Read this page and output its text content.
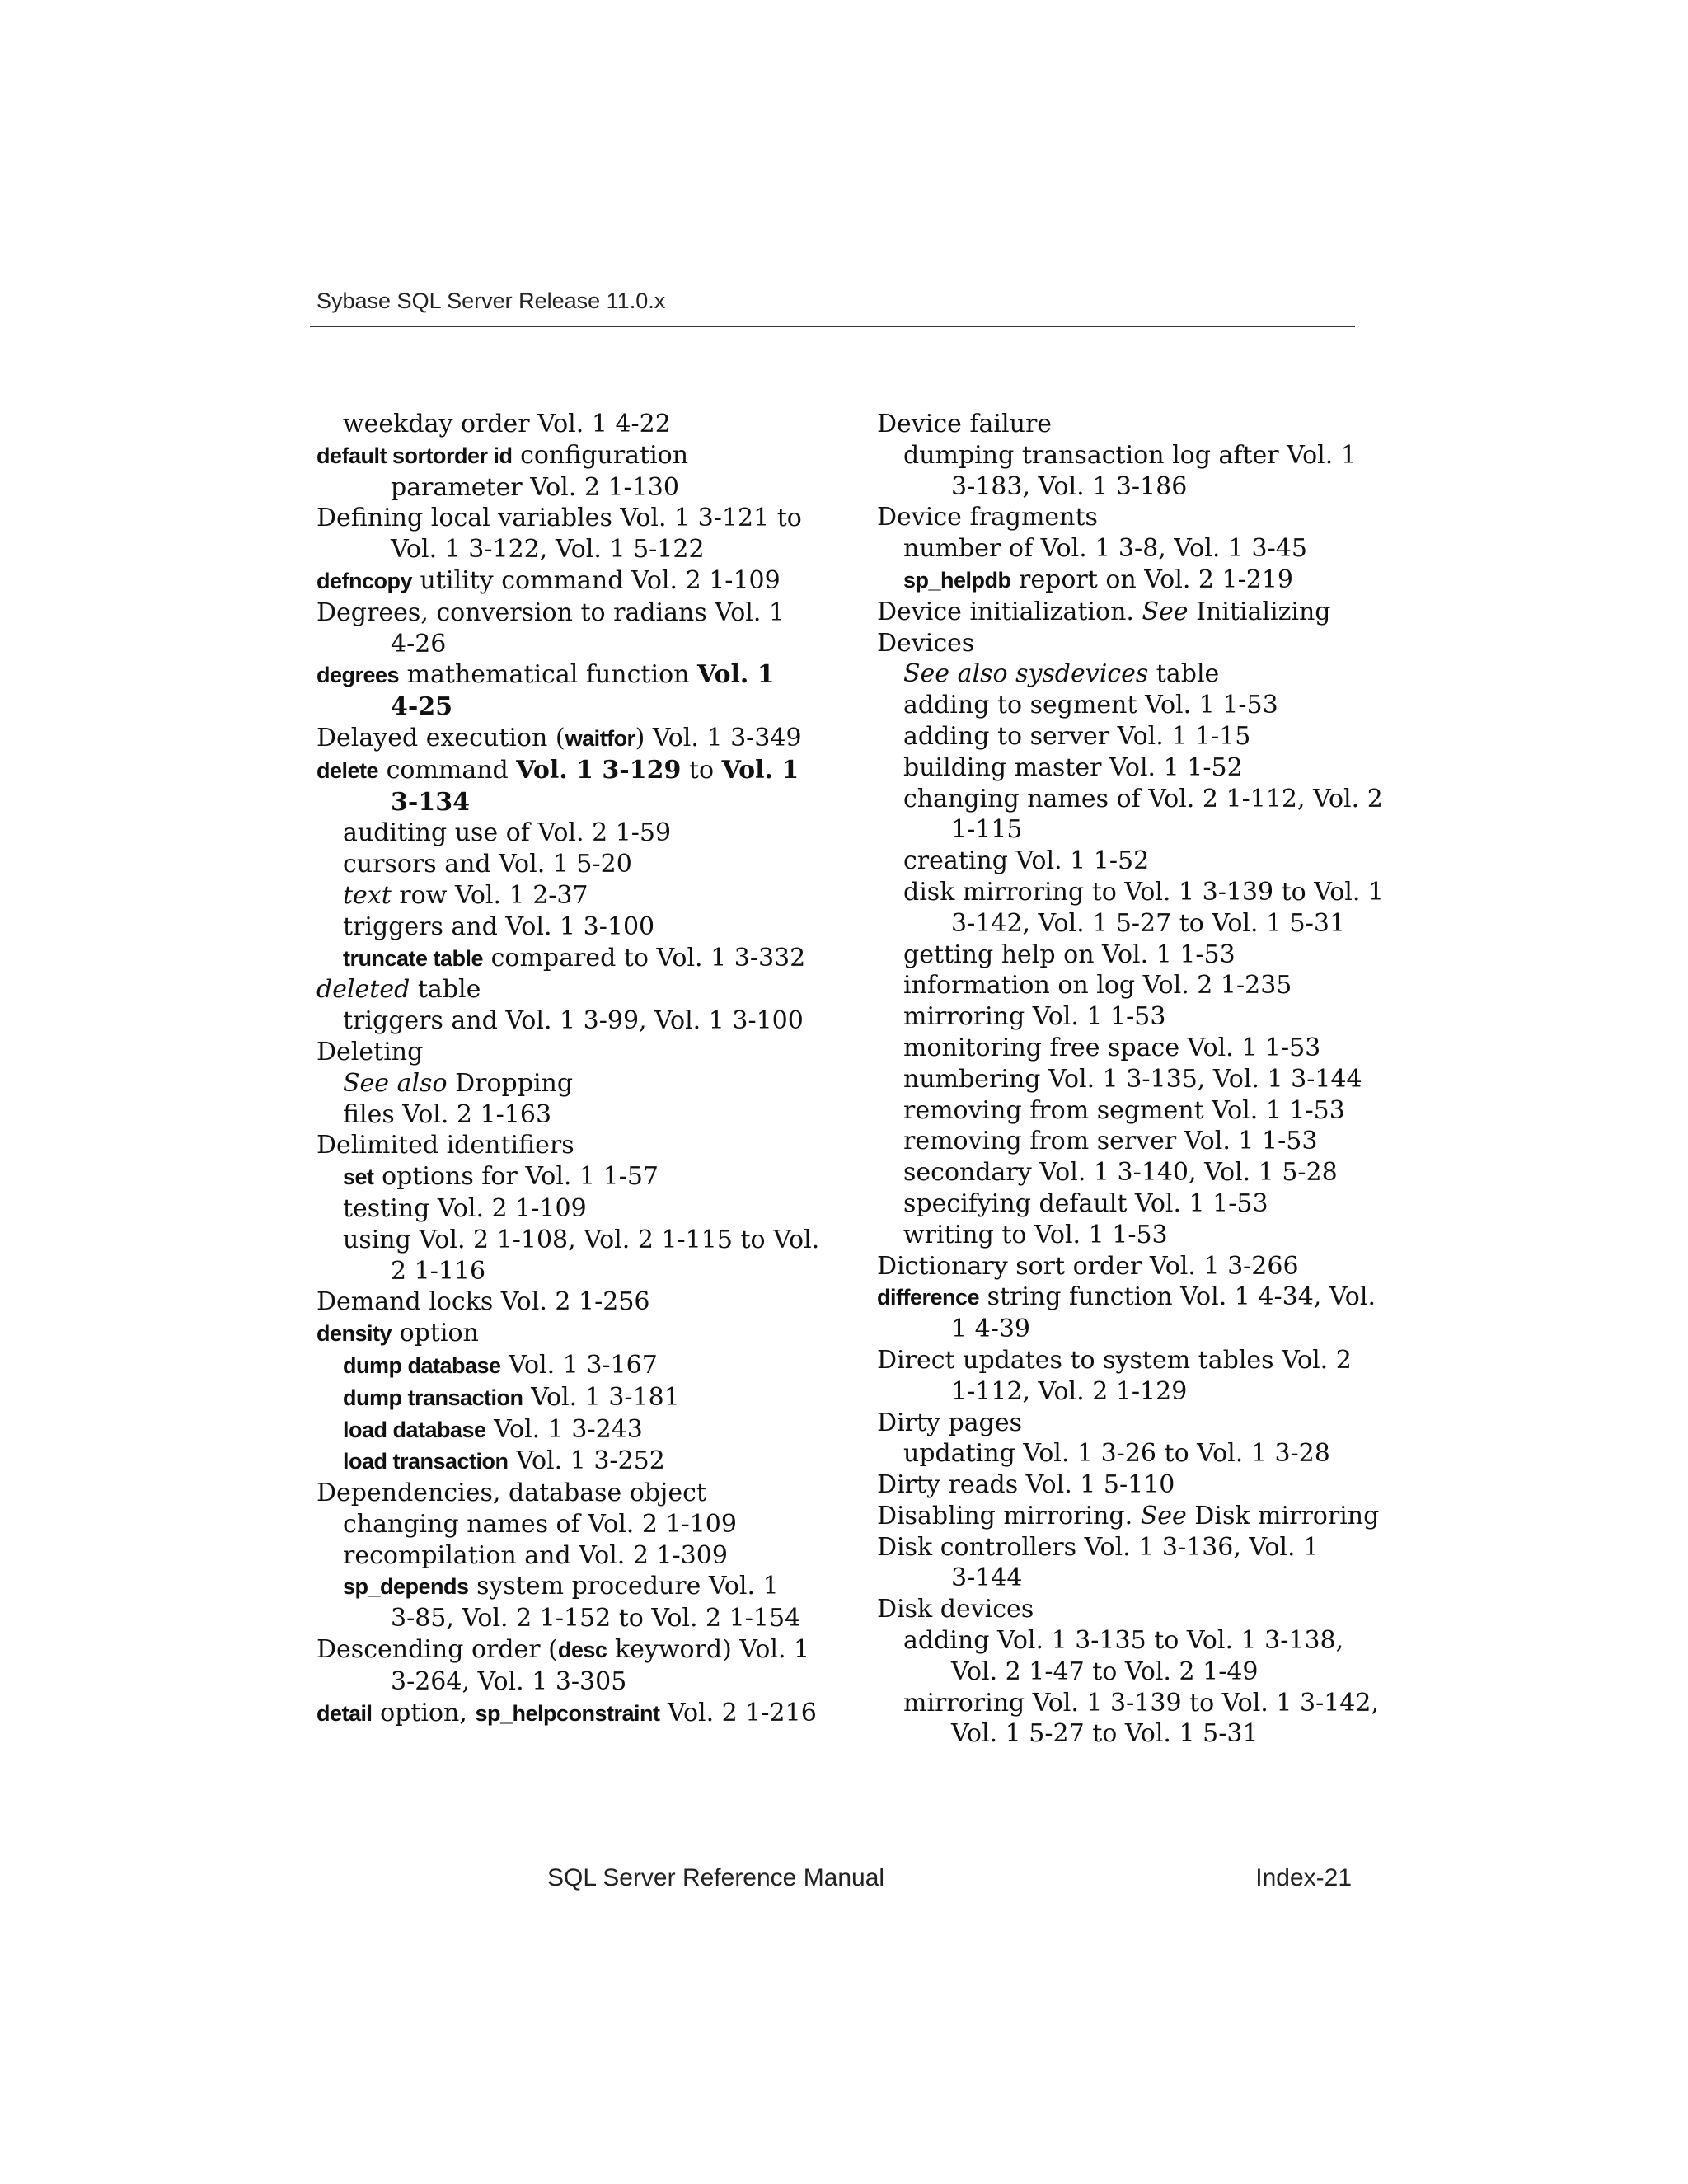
Sybase SQL Server Release 11.0.x
weekday order Vol. 1 4-22
default sortorder id configuration
parameter Vol. 2 1-130
Defining local variables Vol. 1 3-121 to
Vol. 1 3-122, Vol. 1 5-122
defncopy utility command Vol. 2 1-109
Degrees, conversion to radians Vol. 1
4-26
degrees mathematical function Vol. 1
4-25
Delayed execution (waitfor) Vol. 1 3-349
delete command Vol. 1 3-129 to Vol. 1
3-134
auditing use of Vol. 2 1-59
cursors and Vol. 1 5-20
text row Vol. 1 2-37
triggers and Vol. 1 3-100
truncate table compared to Vol. 1 3-332
deleted table
triggers and Vol. 1 3-99, Vol. 1 3-100
Deleting
See also Dropping
files Vol. 2 1-163
Delimited identifiers
set options for Vol. 1 1-57
testing Vol. 2 1-109
using Vol. 2 1-108, Vol. 2 1-115 to Vol.
2 1-116
Demand locks Vol. 2 1-256
density option
dump database Vol. 1 3-167
dump transaction Vol. 1 3-181
load database Vol. 1 3-243
load transaction Vol. 1 3-252
Dependencies, database object
changing names of Vol. 2 1-109
recompilation and Vol. 2 1-309
sp_depends system procedure Vol. 1
3-85, Vol. 2 1-152 to Vol. 2 1-154
Descending order (desc keyword) Vol. 1
3-264, Vol. 1 3-305
detail option, sp_helpconstraint Vol. 2 1-216
Device failure
dumping transaction log after Vol. 1
3-183, Vol. 1 3-186
Device fragments
number of Vol. 1 3-8, Vol. 1 3-45
sp_helpdb report on Vol. 2 1-219
Device initialization. See Initializing
Devices
See also sysdevices table
adding to segment Vol. 1 1-53
adding to server Vol. 1 1-15
building master Vol. 1 1-52
changing names of Vol. 2 1-112, Vol. 2
1-115
creating Vol. 1 1-52
disk mirroring to Vol. 1 3-139 to Vol. 1
3-142, Vol. 1 5-27 to Vol. 1 5-31
getting help on Vol. 1 1-53
information on log Vol. 2 1-235
mirroring Vol. 1 1-53
monitoring free space Vol. 1 1-53
numbering Vol. 1 3-135, Vol. 1 3-144
removing from segment Vol. 1 1-53
removing from server Vol. 1 1-53
secondary Vol. 1 3-140, Vol. 1 5-28
specifying default Vol. 1 1-53
writing to Vol. 1 1-53
Dictionary sort order Vol. 1 3-266
difference string function Vol. 1 4-34, Vol.
1 4-39
Direct updates to system tables Vol. 2
1-112, Vol. 2 1-129
Dirty pages
updating Vol. 1 3-26 to Vol. 1 3-28
Dirty reads Vol. 1 5-110
Disabling mirroring. See Disk mirroring
Disk controllers Vol. 1 3-136, Vol. 1
3-144
Disk devices
adding Vol. 1 3-135 to Vol. 1 3-138,
Vol. 2 1-47 to Vol. 2 1-49
mirroring Vol. 1 3-139 to Vol. 1 3-142,
Vol. 1 5-27 to Vol. 1 5-31
SQL Server Reference Manual	Index-21
